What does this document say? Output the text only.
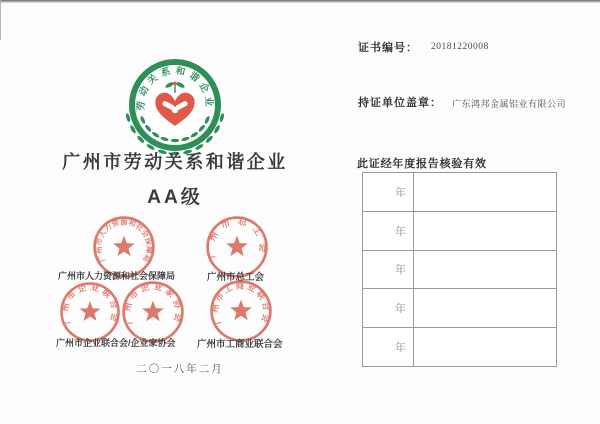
劳动关系和谐企业
广州市劳动关系和谐企业
AA级
广州市人力资源和社会保障局	广州市总工会
广州市人力资源和社会保障局	广州市总工会
广州市企业联合会 广州市企业家协会	广州市工商业联合会
广州市企业联合会/企业家协会 广州市工商业联合会
二〇一八年二月
证书编号： 20181220008
持证单位盖章： 广东鸿邦金属铝业有限公司
此证经年度报告核验有效
年
年
年
年
年
